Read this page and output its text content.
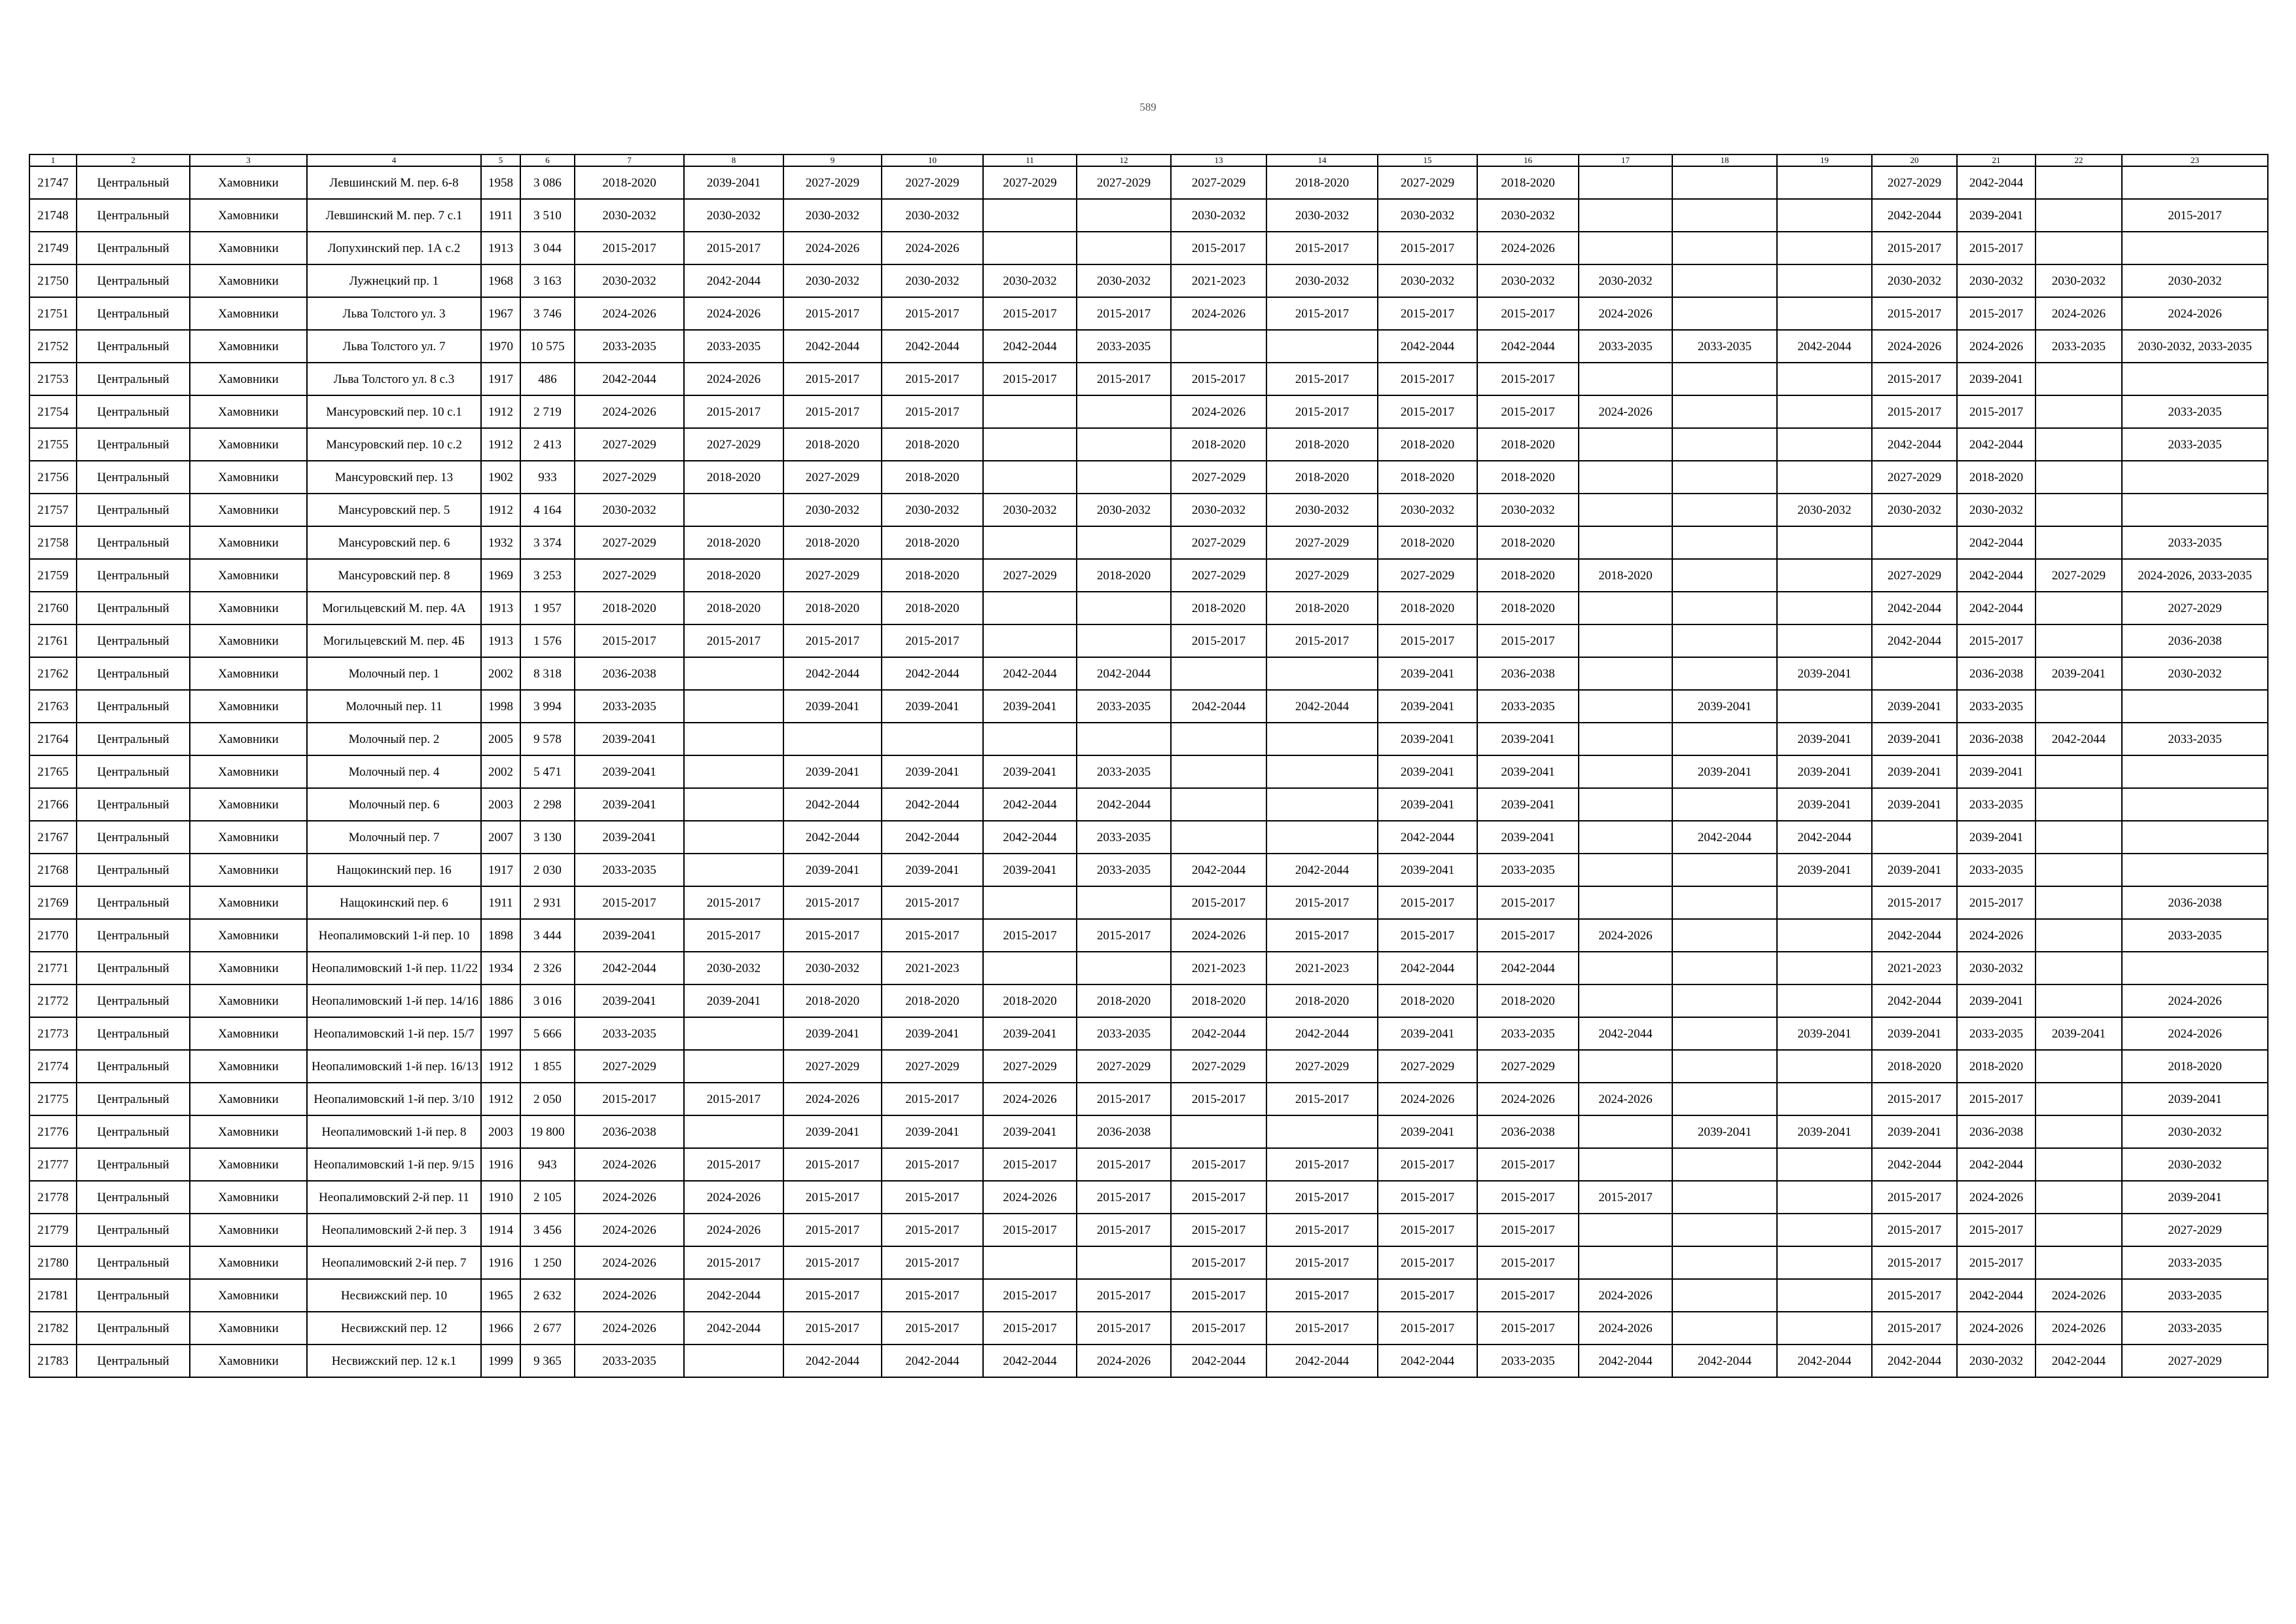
589
1	2	3	4	5	6	7	8	9	10	11	12	13	14	15	16	17	18	19	20	21	22	23
21747	Центральный	Хамовники	Левшинский М. пер. 6-8	1958	3 086	2018-2020	2039-2041	2027-2029	2027-2029	2027-2029	2027-2029	2027-2029	2018-2020	2027-2029	2018-2020				2027-2029	2042-2044		
21748	Центральный	Хамовники	Левшинский М. пер. 7 с.1	1911	3 510	2030-2032	2030-2032	2030-2032	2030-2032			2030-2032	2030-2032	2030-2032	2030-2032				2042-2044	2039-2041		2015-2017
21749	Центральный	Хамовники	Лопухинский пер. 1А с.2	1913	3 044	2015-2017	2015-2017	2024-2026	2024-2026			2015-2017	2015-2017	2015-2017	2024-2026				2015-2017	2015-2017		
21750	Центральный	Хамовники	Лужнецкий пр. 1	1968	3 163	2030-2032	2042-2044	2030-2032	2030-2032	2030-2032	2030-2032	2021-2023	2030-2032	2030-2032	2030-2032	2030-2032			2030-2032	2030-2032	2030-2032	2030-2032
21751	Центральный	Хамовники	Льва Толстого ул. 3	1967	3 746	2024-2026	2024-2026	2015-2017	2015-2017	2015-2017	2015-2017	2024-2026	2015-2017	2015-2017	2015-2017	2024-2026			2015-2017	2015-2017	2024-2026	2024-2026
21752	Центральный	Хамовники	Льва Толстого ул. 7	1970	10 575	2033-2035	2033-2035	2042-2044	2042-2044	2042-2044	2033-2035			2042-2044	2042-2044	2033-2035	2033-2035	2042-2044	2024-2026	2024-2026	2033-2035	2030-2032, 2033-2035
21753	Центральный	Хамовники	Льва Толстого ул. 8 с.3	1917	486	2042-2044	2024-2026	2015-2017	2015-2017	2015-2017	2015-2017	2015-2017	2015-2017	2015-2017	2015-2017				2015-2017	2039-2041		
21754	Центральный	Хамовники	Мансуровский пер. 10 с.1	1912	2 719	2024-2026	2015-2017	2015-2017	2015-2017			2024-2026	2015-2017	2015-2017	2015-2017	2024-2026			2015-2017	2015-2017		2033-2035
21755	Центральный	Хамовники	Мансуровский пер. 10 с.2	1912	2 413	2027-2029	2027-2029	2018-2020	2018-2020			2018-2020	2018-2020	2018-2020	2018-2020				2042-2044	2042-2044		2033-2035
21756	Центральный	Хамовники	Мансуровский пер. 13	1902	933	2027-2029	2018-2020	2027-2029	2018-2020			2027-2029	2018-2020	2018-2020	2018-2020				2027-2029	2018-2020		
21757	Центральный	Хамовники	Мансуровский пер. 5	1912	4 164	2030-2032		2030-2032	2030-2032	2030-2032	2030-2032	2030-2032	2030-2032	2030-2032	2030-2032			2030-2032	2030-2032	2030-2032		
21758	Центральный	Хамовники	Мансуровский пер. 6	1932	3 374	2027-2029	2018-2020	2018-2020	2018-2020			2027-2029	2027-2029	2018-2020	2018-2020					2042-2044		2033-2035
21759	Центральный	Хамовники	Мансуровский пер. 8	1969	3 253	2027-2029	2018-2020	2027-2029	2018-2020	2027-2029	2018-2020	2027-2029	2027-2029	2027-2029	2018-2020	2018-2020			2027-2029	2042-2044	2027-2029	2024-2026, 2033-2035
21760	Центральный	Хамовники	Могильцевский М. пер. 4А	1913	1 957	2018-2020	2018-2020	2018-2020	2018-2020			2018-2020	2018-2020	2018-2020	2018-2020				2042-2044	2042-2044		2027-2029
21761	Центральный	Хамовники	Могильцевский М. пер. 4Б	1913	1 576	2015-2017	2015-2017	2015-2017	2015-2017			2015-2017	2015-2017	2015-2017	2015-2017				2042-2044	2015-2017		2036-2038
21762	Центральный	Хамовники	Молочный пер. 1	2002	8 318	2036-2038		2042-2044	2042-2044	2042-2044	2042-2044			2039-2041	2036-2038			2039-2041		2036-2038	2039-2041	2030-2032
21763	Центральный	Хамовники	Молочный пер. 11	1998	3 994	2033-2035		2039-2041	2039-2041	2039-2041	2033-2035	2042-2044	2042-2044	2039-2041	2033-2035		2039-2041		2039-2041	2033-2035		
21764	Центральный	Хамовники	Молочный пер. 2	2005	9 578	2039-2041								2039-2041	2039-2041			2039-2041	2039-2041	2036-2038	2042-2044	2033-2035
21765	Центральный	Хамовники	Молочный пер. 4	2002	5 471	2039-2041		2039-2041	2039-2041	2039-2041	2033-2035			2039-2041	2039-2041		2039-2041	2039-2041	2039-2041	2039-2041		
21766	Центральный	Хамовники	Молочный пер. 6	2003	2 298	2039-2041		2042-2044	2042-2044	2042-2044	2042-2044			2039-2041	2039-2041			2039-2041	2039-2041	2033-2035		
21767	Центральный	Хамовники	Молочный пер. 7	2007	3 130	2039-2041		2042-2044	2042-2044	2042-2044	2033-2035			2042-2044	2039-2041		2042-2044	2042-2044		2039-2041		
21768	Центральный	Хамовники	Нащокинский пер. 16	1917	2 030	2033-2035		2039-2041	2039-2041	2039-2041	2033-2035	2042-2044	2042-2044	2039-2041	2033-2035			2039-2041	2039-2041	2033-2035		
21769	Центральный	Хамовники	Нащокинский пер. 6	1911	2 931	2015-2017	2015-2017	2015-2017	2015-2017			2015-2017	2015-2017	2015-2017	2015-2017				2015-2017	2015-2017		2036-2038
21770	Центральный	Хамовники	Неопалимовский 1-й пер. 10	1898	3 444	2039-2041	2015-2017	2015-2017	2015-2017	2015-2017	2015-2017	2024-2026	2015-2017	2015-2017	2015-2017	2024-2026			2042-2044	2024-2026		2033-2035
21771	Центральный	Хамовники	Неопалимовский 1-й пер. 11/22	1934	2 326	2042-2044	2030-2032	2030-2032	2021-2023			2021-2023	2021-2023	2042-2044	2042-2044				2021-2023	2030-2032		
21772	Центральный	Хамовники	Неопалимовский 1-й пер. 14/16	1886	3 016	2039-2041	2039-2041	2018-2020	2018-2020	2018-2020	2018-2020	2018-2020	2018-2020	2018-2020	2018-2020				2042-2044	2039-2041		2024-2026
21773	Центральный	Хамовники	Неопалимовский 1-й пер. 15/7	1997	5 666	2033-2035		2039-2041	2039-2041	2039-2041	2033-2035	2042-2044	2042-2044	2039-2041	2033-2035	2042-2044		2039-2041	2039-2041	2033-2035	2039-2041	2024-2026
21774	Центральный	Хамовники	Неопалимовский 1-й пер. 16/13	1912	1 855	2027-2029		2027-2029	2027-2029	2027-2029	2027-2029	2027-2029	2027-2029	2027-2029	2027-2029				2018-2020	2018-2020		2018-2020
21775	Центральный	Хамовники	Неопалимовский 1-й пер. 3/10	1912	2 050	2015-2017	2015-2017	2024-2026	2015-2017	2024-2026	2015-2017	2015-2017	2015-2017	2024-2026	2024-2026	2024-2026			2015-2017	2015-2017		2039-2041
21776	Центральный	Хамовники	Неопалимовский 1-й пер. 8	2003	19 800	2036-2038		2039-2041	2039-2041	2039-2041	2036-2038			2039-2041	2036-2038		2039-2041	2039-2041	2039-2041	2036-2038		2030-2032
21777	Центральный	Хамовники	Неопалимовский 1-й пер. 9/15	1916	943	2024-2026	2015-2017	2015-2017	2015-2017	2015-2017	2015-2017	2015-2017	2015-2017	2015-2017	2015-2017				2042-2044	2042-2044		2030-2032
21778	Центральный	Хамовники	Неопалимовский 2-й пер. 11	1910	2 105	2024-2026	2024-2026	2015-2017	2015-2017	2024-2026	2015-2017	2015-2017	2015-2017	2015-2017	2015-2017	2015-2017			2015-2017	2024-2026		2039-2041
21779	Центральный	Хамовники	Неопалимовский 2-й пер. 3	1914	3 456	2024-2026	2024-2026	2015-2017	2015-2017	2015-2017	2015-2017	2015-2017	2015-2017	2015-2017	2015-2017				2015-2017	2015-2017		2027-2029
21780	Центральный	Хамовники	Неопалимовский 2-й пер. 7	1916	1 250	2024-2026	2015-2017	2015-2017	2015-2017			2015-2017	2015-2017	2015-2017	2015-2017				2015-2017	2015-2017		2033-2035
21781	Центральный	Хамовники	Несвижский пер. 10	1965	2 632	2024-2026	2042-2044	2015-2017	2015-2017	2015-2017	2015-2017	2015-2017	2015-2017	2015-2017	2015-2017	2024-2026			2015-2017	2042-2044	2024-2026	2033-2035
21782	Центральный	Хамовники	Несвижский пер. 12	1966	2 677	2024-2026	2042-2044	2015-2017	2015-2017	2015-2017	2015-2017	2015-2017	2015-2017	2015-2017	2015-2017	2024-2026			2015-2017	2024-2026	2024-2026	2033-2035
21783	Центральный	Хамовники	Несвижский пер. 12 к.1	1999	9 365	2033-2035		2042-2044	2042-2044	2042-2044	2024-2026	2042-2044	2042-2044	2042-2044	2033-2035	2042-2044	2042-2044	2042-2044	2042-2044	2030-2032	2042-2044	2027-2029
